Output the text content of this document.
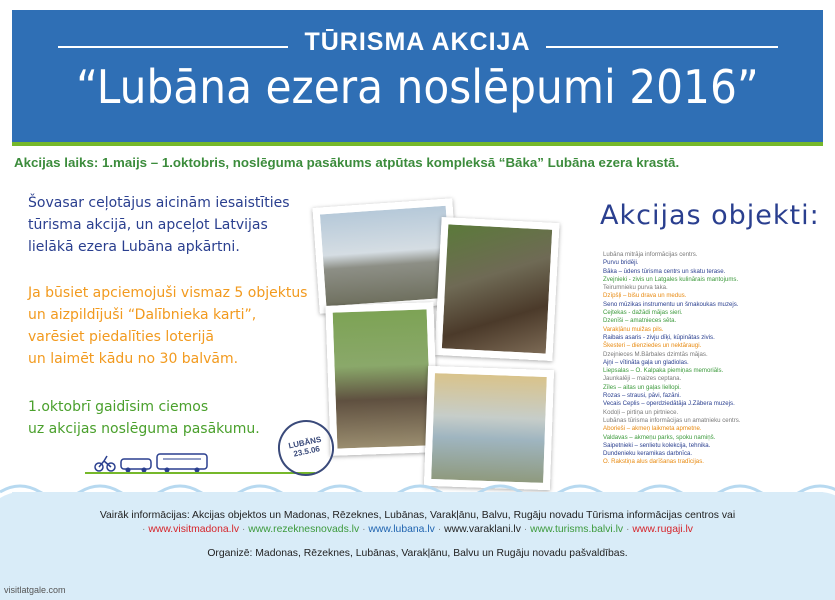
TŪRISMA AKCIJA
“Lubāna ezera noslēpumi 2016”
Akcijas laiks: 1.maijs – 1.oktobris, noslēguma pasākums atpūtas kompleksā “Bāka” Lubāna ezera krastā.
Šovasar ceļotājus aicinām iesaistīties
tūrisma akcijā, un apceļot Latvijas
lielākā ezera Lubāna apkārtni.
Ja būsiet apciemojuši vismaz 5 objektus
un aizpildījuši “Dalībnieka karti”,
varēsiet piedalīties loterijā
un laimēt kādu no 30 balvām.
1.oktobrī gaidīsim ciemos
uz akcijas noslēguma pasākumu.
LUBĀNS 23.5.06
Akcijas objekti:
Lubāna mitrāja informācijas centrs.
Purvu bridēji.
Bāka – ūdens tūrisma centrs un skatu terase.
Zvejnieki - zivis un Latgales kulinārais mantojums.
Teirumnieku purva taka.
Dzīpšļi – bišu drava un medus.
Seno mūzikas instrumentu un šmakoukas muzejs.
Cejtekas - dažādi mājas sieri.
Dzenīši – amatnieces sēta.
Varakļānu muižas pils.
Raibais asaris - zivju dīķi, kūpinātas zivis.
Škesteri – dienziedes un nektāraugi.
Dzejnieces M.Bārbales dzimtās mājas.
Ajņi – vītināta gaļa un gladiolas.
Liepsalas – O. Kalpaka piemiņas memoriāls.
Jaunkalēji – maizes ceptana.
Zīles – aitas un gaļas liellopi.
Rozas – strausi, pāvi, fazāni.
Vecais Ceplis – operdziedātāja J.Zābera muzejs.
Kodoļi – pirtiņa un pirtniece.
Lubānas tūrisma informācijas un amatnieku centrs.
Aborieši – akmeņ laikmeta apmetne.
Valdavas – akmeņu parks, spoku namiņš.
Saipetnieki – senlietu kolekcija, tehnika.
Dundenieku keramikas darbnīca.
O. Rakstiņa alus darīšanas tradīcijas.
Vairāk informācijas: Akcijas objektos un Madonas, Rēzeknes, Lubānas, Varakļānu, Balvu, Rugāju novadu Tūrisma informācijas centros vai
· www.visitmadona.lv · www.rezeknesnovads.lv · www.lubana.lv · www.varaklani.lv · www.turisms.balvi.lv · www.rugaji.lv
Organizē: Madonas, Rēzeknes, Lubānas, Varakļānu, Balvu un Rugāju novadu pašvaldības.
visitlatgale.com
